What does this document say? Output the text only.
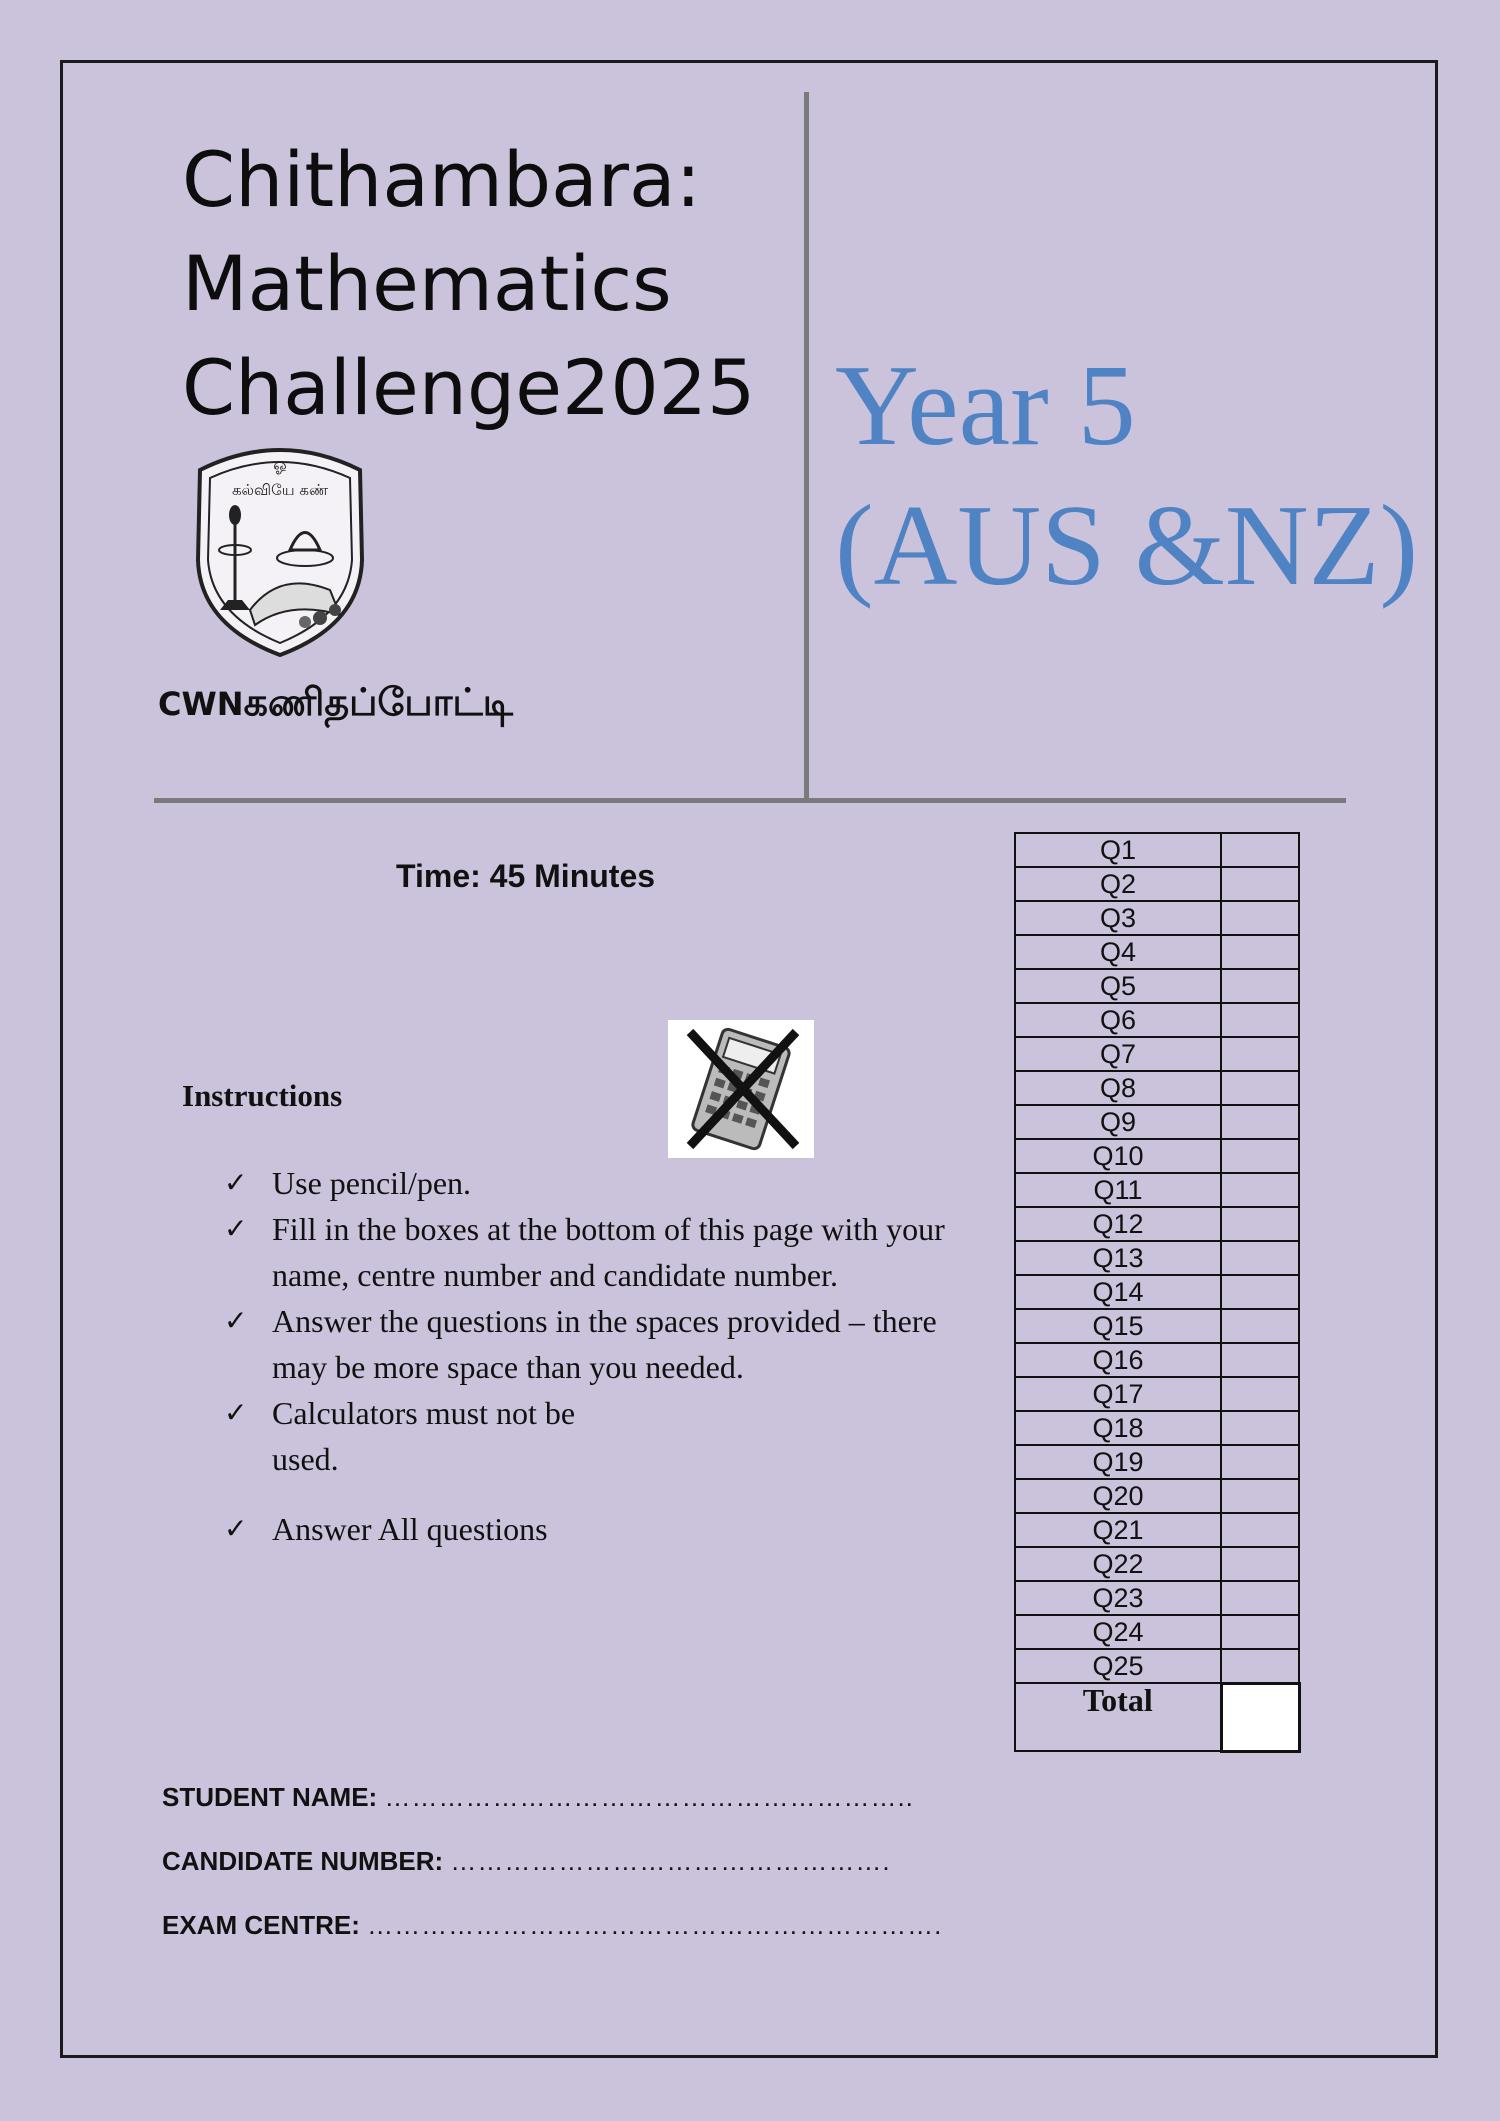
Chithambara:
Mathematics
Challenge2025 Year 5
(AUS &NZ)
ஓ
கல்வியே கண்
CWNகணிதப்போட்டி
Time: 45 Minutes
Instructions
✓ Use pencil/pen.
✓ Fill in the boxes at the bottom of this page with your name, centre number and candidate number.
✓ Answer the questions in the spaces provided – there may be more space than you needed.
✓ Calculators must not be used.
✓ Answer All questions
STUDENT NAME: …………………………………………………..
CANDIDATE NUMBER: ………………………………………….
EXAM CENTRE: ……………………………………………………….
Q1	
Q2	
Q3	
Q4	
Q5	
Q6	
Q7	
Q8	
Q9	
Q10	
Q11	
Q12	
Q13	
Q14	
Q15	
Q16	
Q17	
Q18	
Q19	
Q20	
Q21	
Q22	
Q23	
Q24	
Q25	
Total	
